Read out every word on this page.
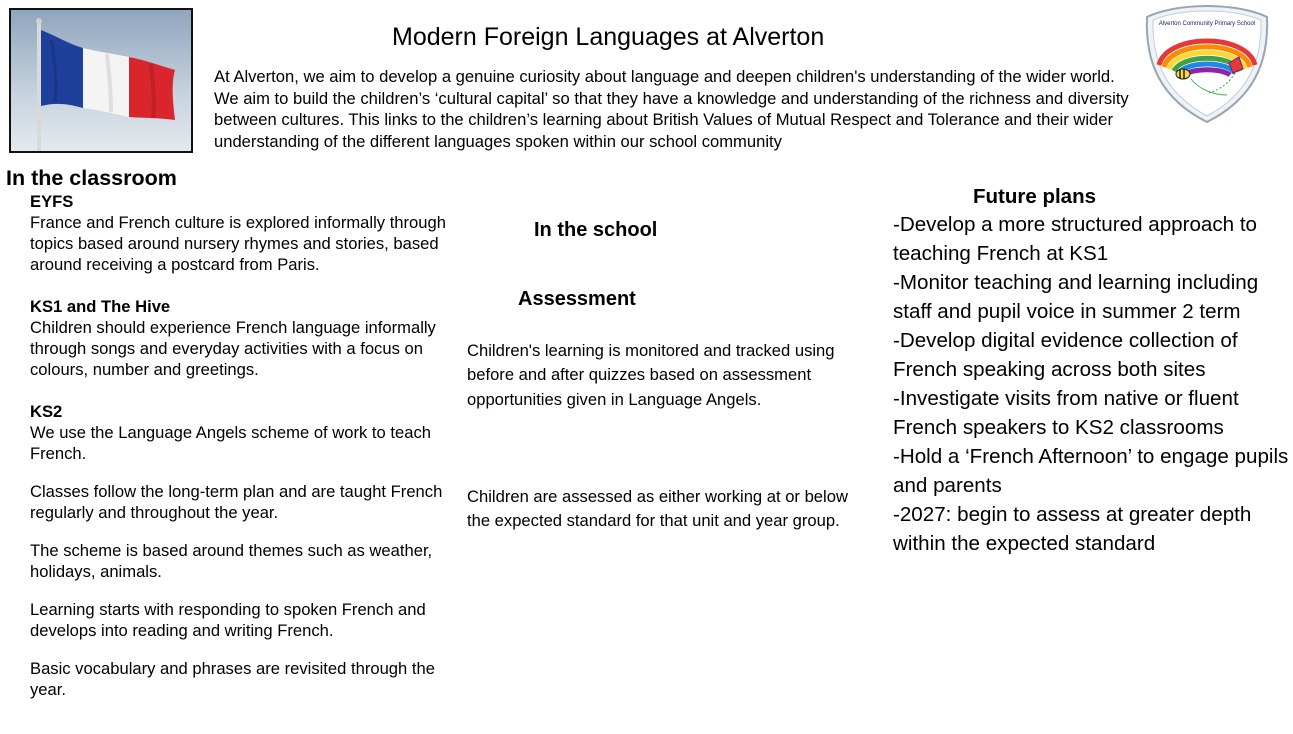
Modern Foreign Languages at Alverton

At Alverton, we aim to develop a genuine curiosity about language and deepen children's understanding of the wider world.

We aim to build the children’s ‘cultural capital’ so that they have a knowledge and understanding of the richness and diversity between cultures. This links to the children’s learning about British Values of Mutual Respect and Tolerance and their wider understanding of the different languages spoken within our school community

Alverton Community Primary School
In the classroom
EYFS
France and French culture is explored informally through topics based around nursery rhymes and stories, based around receiving a postcard from Paris.
KS1 and The Hive
Children should experience French language informally through songs and everyday activities with a focus on colours, number and greetings.
KS2
We use the Language Angels scheme of work to teach French.
Classes follow the long-term plan and are taught French regularly and throughout the year.
The scheme is based around themes such as weather, holidays, animals.
Learning starts with responding to spoken French and develops into reading and writing French.
Basic vocabulary and phrases are revisited through the year.
In the school
Assessment
Children's learning is monitored and tracked using before and after quizzes based on assessment opportunities given in Language Angels.
Children are assessed as either working at or below the expected standard for that unit and year group.
Future plans
-Develop a more structured approach to teaching French at KS1
-Monitor teaching and learning including staff and pupil voice in summer 2 term
-Develop digital evidence collection of French speaking across both sites
-Investigate visits from native or fluent French speakers to KS2 classrooms
-Hold a ‘French Afternoon’ to engage pupils and parents
-2027: begin to assess at greater depth within the expected standard
